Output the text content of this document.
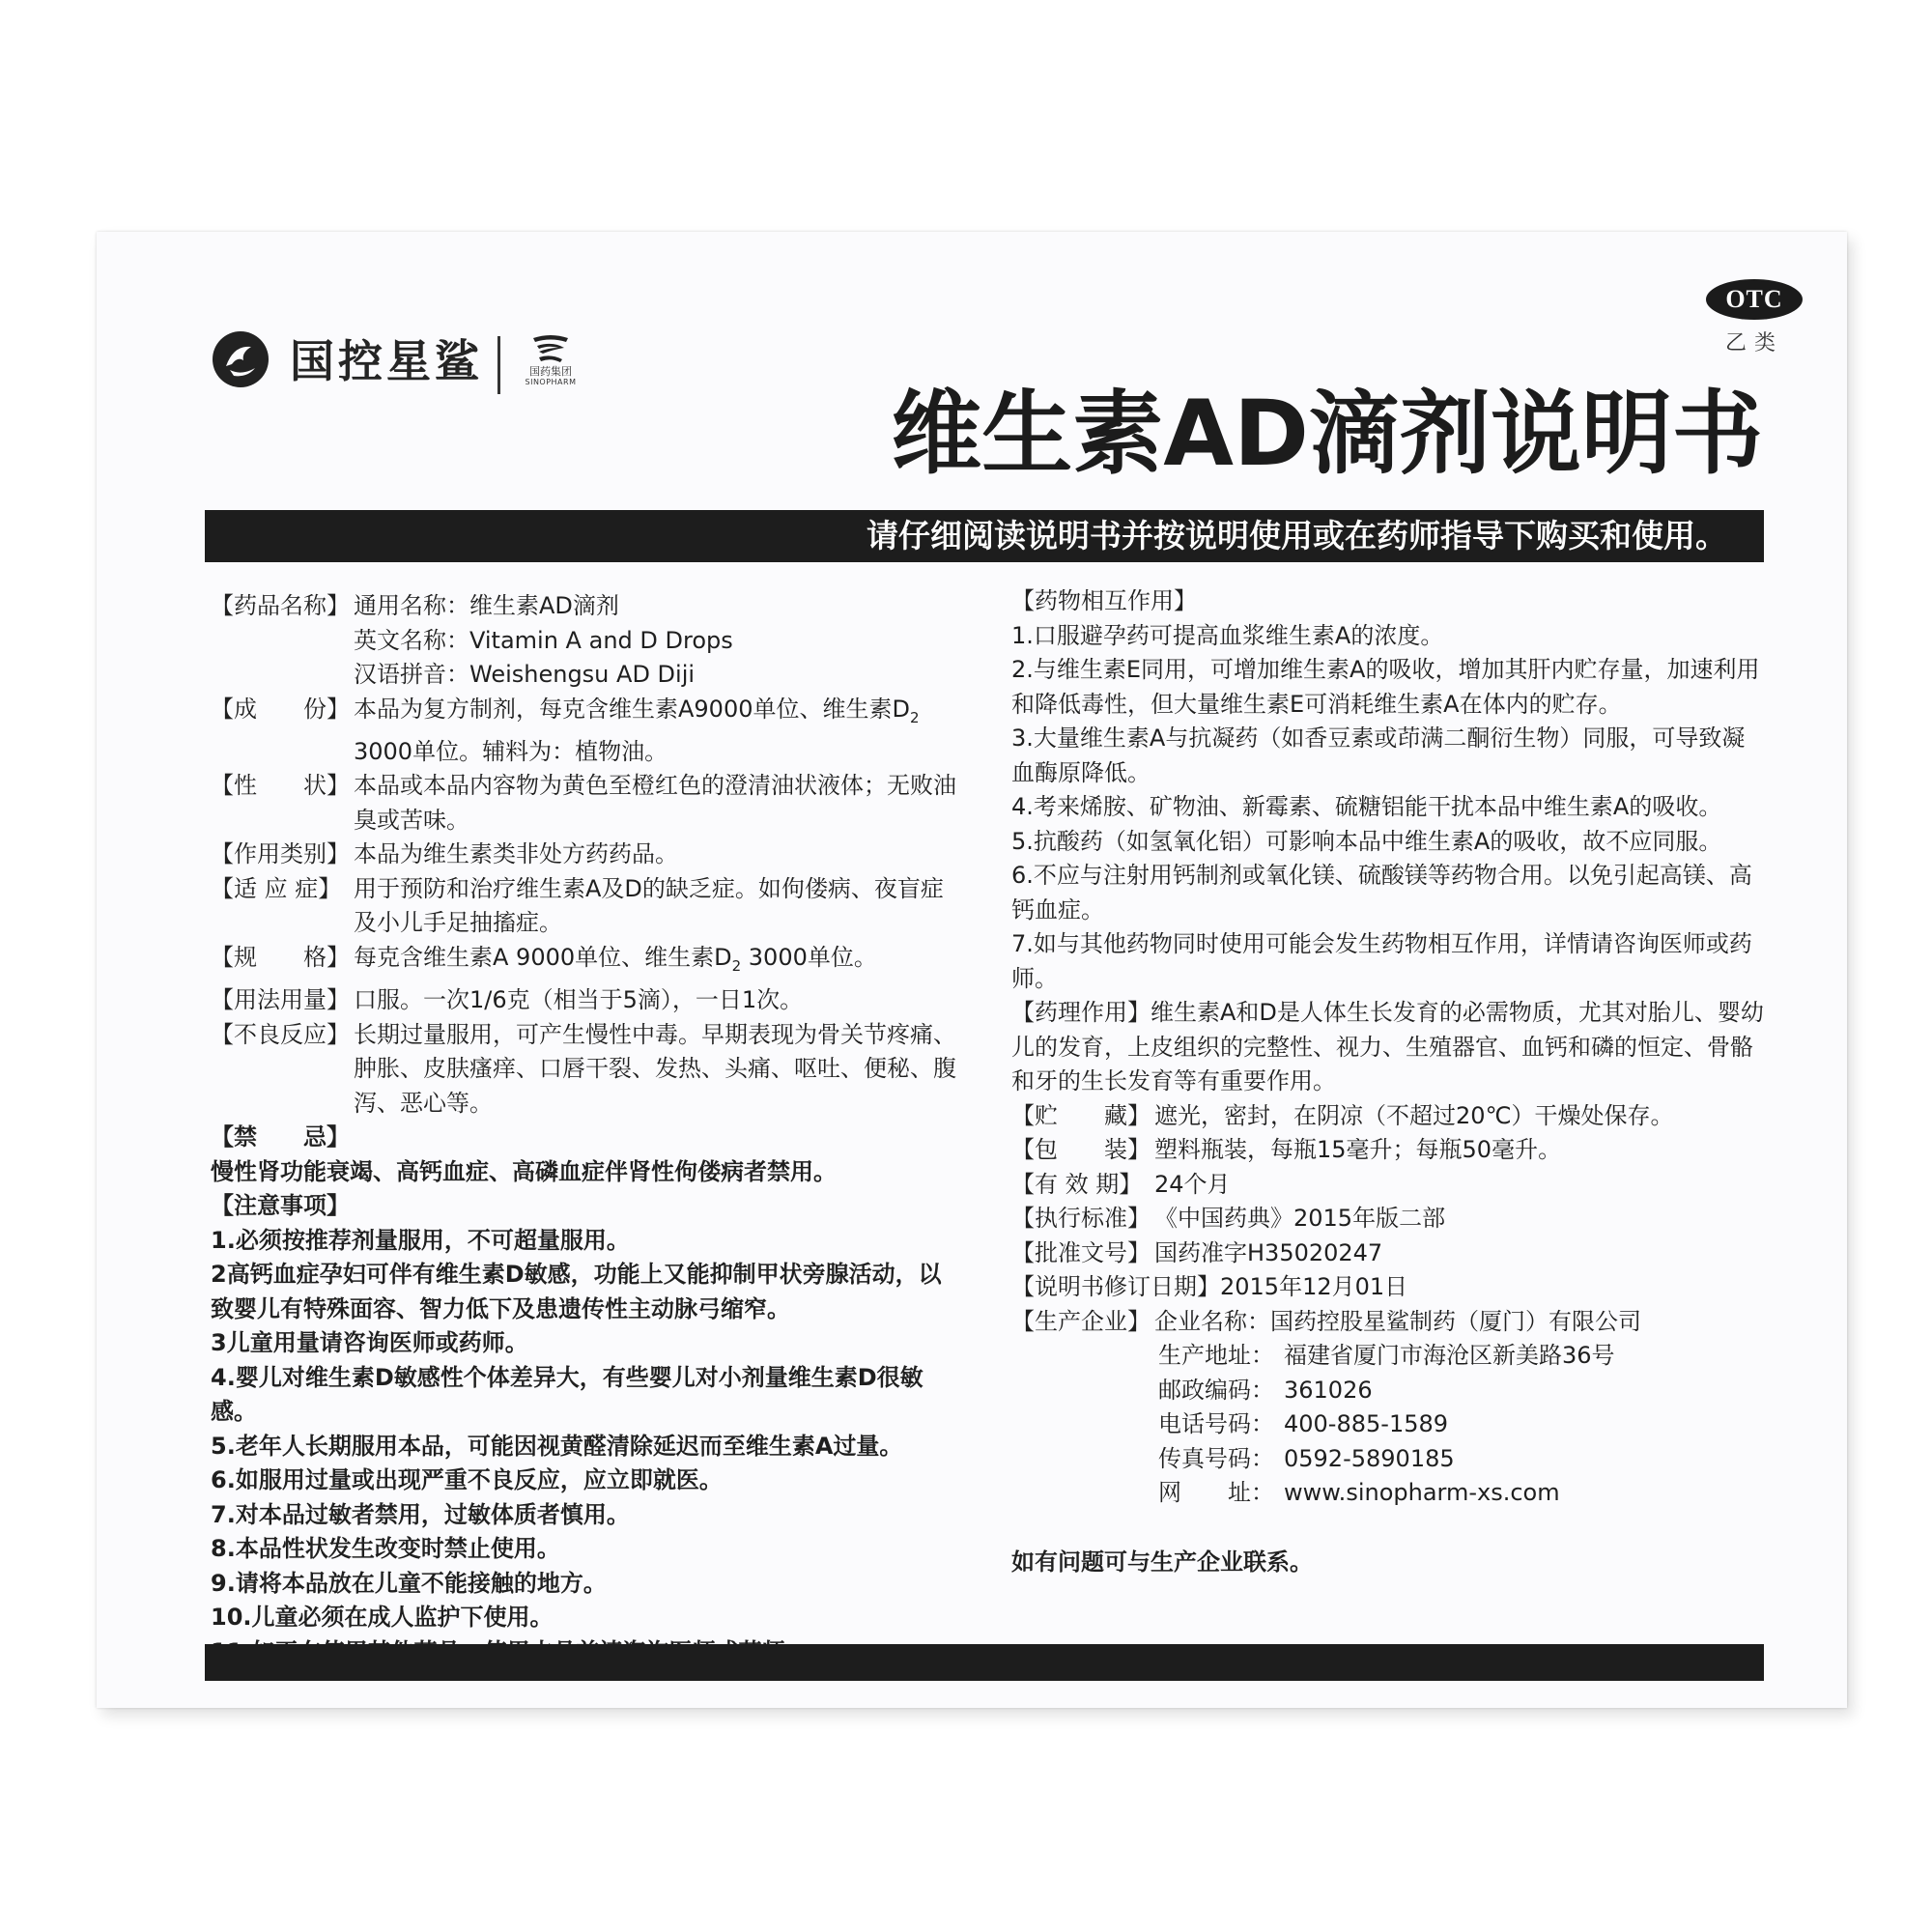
国控星鲨	国药集团
SINOPHARM
OTC
乙类
维生素AD滴剂说明书
请仔细阅读说明书并按说明使用或在药师指导下购买和使用。
【药品名称】 通用名称：维生素AD滴剂
英文名称：Vitamin A and D Drops
汉语拼音：Weishengsu AD Diji
【成　　份】 本品为复方制剂，每克含维生素A9000单位、维生素$D_2$
3000单位。辅料为：植物油。
【性　　状】 本品或本品内容物为黄色至橙红色的澄清油状液体；无败油臭或苦味。
【作用类别】 本品为维生素类非处方药药品。
【适 应 症】 用于预防和治疗维生素A及D的缺乏症。如佝偻病、夜盲症及小儿手足抽搐症。
【规　　格】 每克含维生素A 9000单位、维生素$D_2$ 3000单位。
【用法用量】 口服。一次1/6克（相当于5滴），一日1次。
【不良反应】 长期过量服用，可产生慢性中毒。早期表现为骨关节疼痛、肿胀、皮肤瘙痒、口唇干裂、发热、头痛、呕吐、便秘、腹泻、恶心等。
【禁　　忌】
慢性肾功能衰竭、高钙血症、高磷血症伴肾性佝偻病者禁用。
【注意事项】
1.必须按推荐剂量服用，不可超量服用。
2高钙血症孕妇可伴有维生素D敏感，功能上又能抑制甲状旁腺活动，以致婴儿有特殊面容、智力低下及患遗传性主动脉弓缩窄。
3儿童用量请咨询医师或药师。
4.婴儿对维生素D敏感性个体差异大，有些婴儿对小剂量维生素D很敏感。
5.老年人长期服用本品，可能因视黄醛清除延迟而至维生素A过量。
6.如服用过量或出现严重不良反应，应立即就医。
7.对本品过敏者禁用，过敏体质者慎用。
8.本品性状发生改变时禁止使用。
9.请将本品放在儿童不能接触的地方。
10.儿童必须在成人监护下使用。
【药物相互作用】
1.口服避孕药可提高血浆维生素A的浓度。
2.与维生素E同用，可增加维生素A的吸收，增加其肝内贮存量，加速利用和降低毒性，但大量维生素E可消耗维生素A在体内的贮存。
3.大量维生素A与抗凝药（如香豆素或茚满二酮衍生物）同服，可导致凝血酶原降低。
4.考来烯胺、矿物油、新霉素、硫糖铝能干扰本品中维生素A的吸收。
5.抗酸药（如氢氧化铝）可影响本品中维生素A的吸收，故不应同服。
6.不应与注射用钙制剂或氧化镁、硫酸镁等药物合用。以免引起高镁、高钙血症。
7.如与其他药物同时使用可能会发生药物相互作用，详情请咨询医师或药师。
【药理作用】维生素A和D是人体生长发育的必需物质，尤其对胎儿、婴幼儿的发育，上皮组织的完整性、视力、生殖器官、血钙和磷的恒定、骨骼和牙的生长发育等有重要作用。
【贮　　藏】 遮光，密封，在阴凉（不超过20℃）干燥处保存。
【包　　装】 塑料瓶装，每瓶15毫升；每瓶50毫升。
【有 效 期】 24个月
【执行标准】 《中国药典》2015年版二部
【批准文号】 国药准字H35020247
【说明书修订日期】2015年12月01日
【生产企业】 企业名称：国药控股星鲨制药（厦门）有限公司
生产地址： 福建省厦门市海沧区新美路36号
邮政编码： 361026
电话号码： 400-885-1589
传真号码： 0592-5890185
网　　址： www.sinopharm-xs.com
如有问题可与生产企业联系。
